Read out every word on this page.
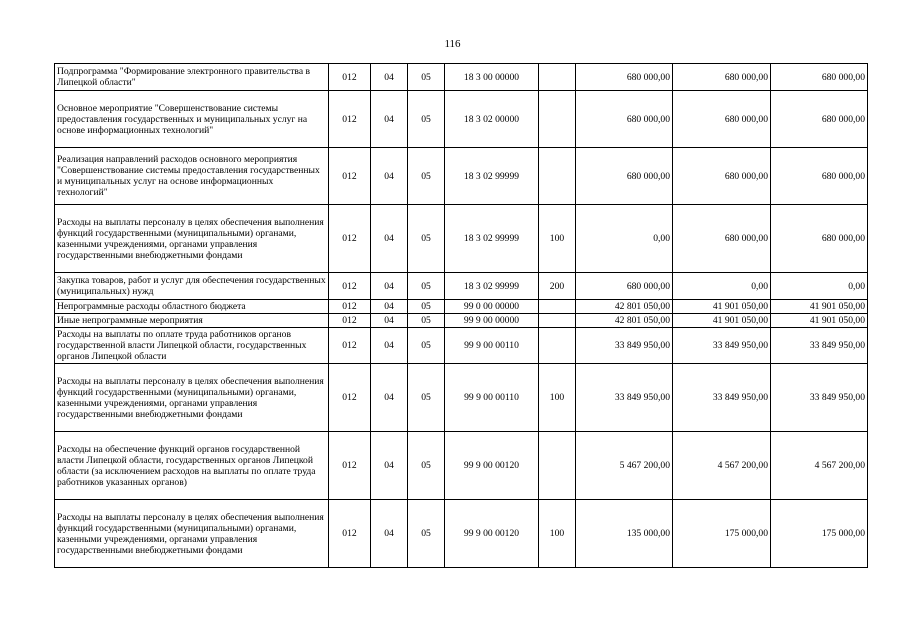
116
Подпрограмма "Формирование электронного правительства в Липецкой области"	012	04	05	18 3 00 00000		680 000,00	680 000,00	680 000,00
Основное мероприятие "Совершенствование системы предоставления государственных и муниципальных услуг на основе информационных технологий"	012	04	05	18 3 02 00000		680 000,00	680 000,00	680 000,00
Реализация направлений расходов основного мероприятия "Совершенствование системы предоставления государственных и муниципальных услуг на основе информационных технологий"	012	04	05	18 3 02 99999		680 000,00	680 000,00	680 000,00
Расходы на выплаты персоналу в целях обеспечения выполнения функций государственными (муниципальными) органами, казенными учреждениями, органами управления государственными внебюджетными фондами	012	04	05	18 3 02 99999	100	0,00	680 000,00	680 000,00
Закупка товаров, работ и услуг для обеспечения государственных (муниципальных) нужд	012	04	05	18 3 02 99999	200	680 000,00	0,00	0,00
Непрограммные расходы областного бюджета	012	04	05	99 0 00 00000		42 801 050,00	41 901 050,00	41 901 050,00
Иные непрограммные мероприятия	012	04	05	99 9 00 00000		42 801 050,00	41 901 050,00	41 901 050,00
Расходы на выплаты по оплате труда работников органов государственной власти Липецкой области, государственных органов Липецкой области	012	04	05	99 9 00 00110		33 849 950,00	33 849 950,00	33 849 950,00
Расходы на выплаты персоналу в целях обеспечения выполнения функций государственными (муниципальными) органами, казенными учреждениями, органами управления государственными внебюджетными фондами	012	04	05	99 9 00 00110	100	33 849 950,00	33 849 950,00	33 849 950,00
Расходы на обеспечение функций органов государственной власти Липецкой области, государственных органов Липецкой области (за исключением расходов на выплаты по оплате труда работников указанных органов)	012	04	05	99 9 00 00120		5 467 200,00	4 567 200,00	4 567 200,00
Расходы на выплаты персоналу в целях обеспечения выполнения функций государственными (муниципальными) органами, казенными учреждениями, органами управления государственными внебюджетными фондами	012	04	05	99 9 00 00120	100	135 000,00	175 000,00	175 000,00
